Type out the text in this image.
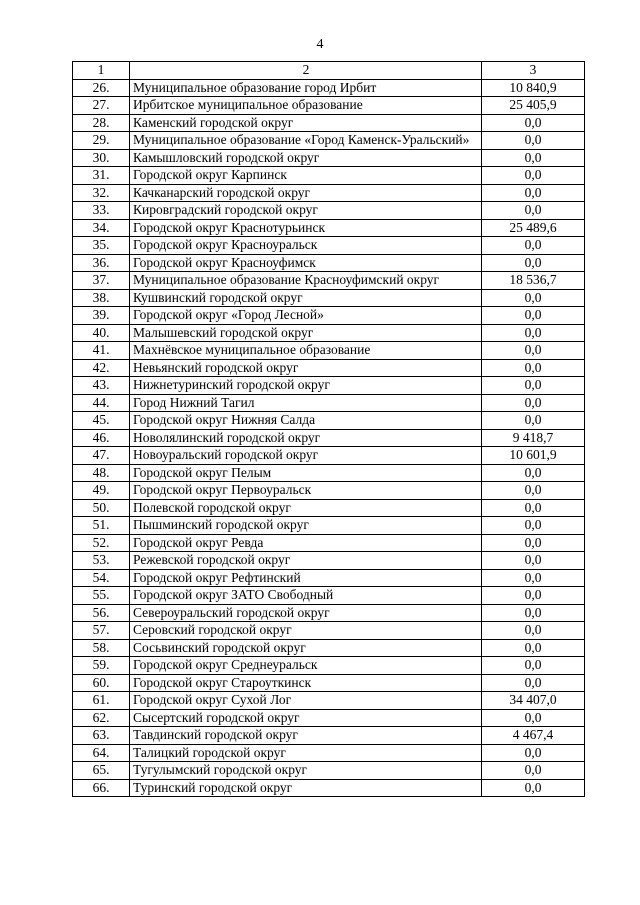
4
1	2	3
26.	Муниципальное образование город Ирбит	10 840,9
27.	Ирбитское муниципальное образование	25 405,9
28.	Каменский городской округ	0,0
29.	Муниципальное образование «Город Каменск-Уральский»	0,0
30.	Камышловский городской округ	0,0
31.	Городской округ Карпинск	0,0
32.	Качканарский городской округ	0,0
33.	Кировградский городской округ	0,0
34.	Городской округ Краснотурьинск	25 489,6
35.	Городской округ Красноуральск	0,0
36.	Городской округ Красноуфимск	0,0
37.	Муниципальное образование Красноуфимский округ	18 536,7
38.	Кушвинский городской округ	0,0
39.	Городской округ «Город Лесной»	0,0
40.	Малышевский городской округ	0,0
41.	Махнёвское муниципальное образование	0,0
42.	Невьянский городской округ	0,0
43.	Нижнетуринский городской округ	0,0
44.	Город Нижний Тагил	0,0
45.	Городской округ Нижняя Салда	0,0
46.	Новолялинский городской округ	9 418,7
47.	Новоуральский городской округ	10 601,9
48.	Городской округ Пелым	0,0
49.	Городской округ Первоуральск	0,0
50.	Полевской городской округ	0,0
51.	Пышминский городской округ	0,0
52.	Городской округ Ревда	0,0
53.	Режевской городской округ	0,0
54.	Городской округ Рефтинский	0,0
55.	Городской округ ЗАТО Свободный	0,0
56.	Североуральский городской округ	0,0
57.	Серовский городской округ	0,0
58.	Сосьвинский городской округ	0,0
59.	Городской округ Среднеуральск	0,0
60.	Городской округ Староуткинск	0,0
61.	Городской округ Сухой Лог	34 407,0
62.	Сысертский городской округ	0,0
63.	Тавдинский городской округ	4 467,4
64.	Талицкий городской округ	0,0
65.	Тугулымский городской округ	0,0
66.	Туринский городской округ	0,0
